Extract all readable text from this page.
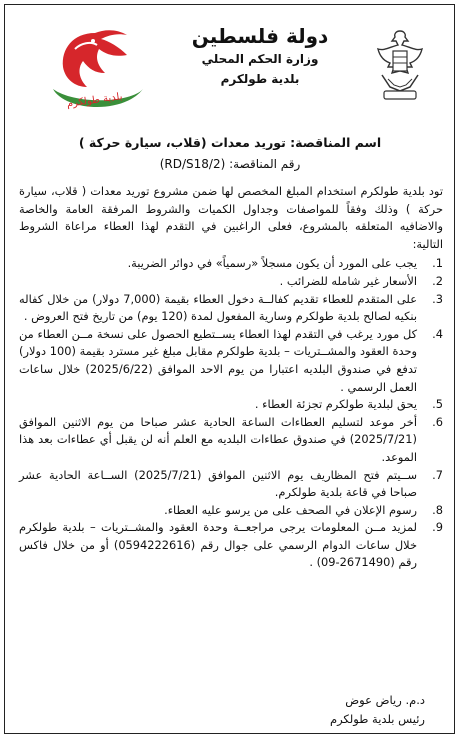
دولة فلسطين
وزارة الحكم المحلي
بلدية طولكرم
بلدية طولكرم
اسم المناقصة: توريد معدات (قلاب، سيارة حركة )
رقم المناقصة: (2/RD/S18)

تود بلدية طولكرم استخدام المبلغ المخصص لها ضمن مشروع توريد معدات ( قلاب، سيارة حركة ) وذلك وفقاً للمواصفات وجداول الكميات والشروط المرفقة العامة والخاصة والاضافيه المتعلقه بالمشروع، فعلى الراغبين في التقدم لهذا العطاء مراعاة الشروط التالية:

1.
يجب على المورد أن يكون مسجلاً «رسمياً» في دوائر الضريبة.
2.
الأسعار غير شامله للضرائب .
3.
على المتقدم للعطاء تقديم كفالــة دخول العطاء بقيمة (7,000 دولار) من خلال كفاله بنكيه لصالح بلدية طولكرم وسارية المفعول لمدة (120 يوم) من تاريخ فتح العروض .
4.
كل مورد يرغب في التقدم لهذا العطاء يســتطيع الحصول على نسخة مــن العطاء من وحدة العقود والمشــتريات – بلدية طولكرم مقابل مبلغ غير مسترد بقيمة (100 دولار) تدفع في صندوق البلديه اعتبارا من يوم الاحد الموافق (2025/6/22) خلال ساعات العمل الرسمي .
5.
يحق لبلدية طولكرم تجزئة العطاء .
6.
أخر موعد لتسليم العطاءات الساعة الحادية عشر صباحا من يوم الاثنين الموافق (2025/7/21) في صندوق عطاءات البلديه مع العلم أنه لن يقبل أي عطاءات بعد هذا الموعد.
7.
ســيتم فتح المظاريف يوم الاثنين الموافق (2025/7/21) الســاعة الحادية عشر صباحا في قاعة بلدية طولكرم.
8.
رسوم الإعلان في الصحف على من يرسو عليه العطاء.
9.
لمزيد مــن المعلومات يرجى مراجعــة وحدة العقود والمشــتريات – بلدية طولكرم خلال ساعات الدوام الرسمي على جوال رقم (0594222616) أو من خلال فاكس رقم (2671490-09) .
د.م. رياض عوض
رئيس بلدية طولكرم
